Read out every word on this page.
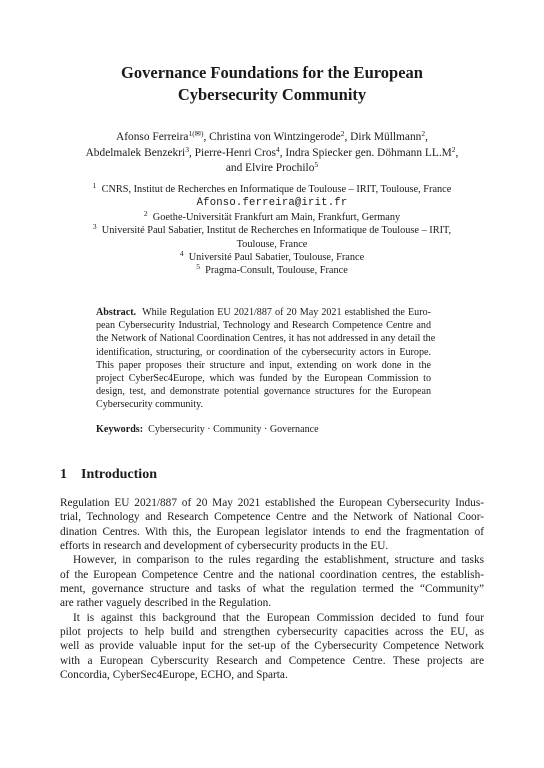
Governance Foundations for the European
Cybersecurity Community
Afonso Ferreira$^{1(✉)}$, Christina von Wintzingerode$^2$, Dirk Müllmann$^2$,
Abdelmalek Benzekri$^3$, Pierre-Henri Cros$^4$, Indra Spiecker gen. Döhmann $LL.M^2$,
and Elvire Prochilo$^5$
$^1$ CNRS, Institut de Recherches en Informatique de Toulouse – IRIT, Toulouse, France
Afonso.ferreira@irit.fr
$^2$ Goethe-Universität Frankfurt am Main, Frankfurt, Germany
$^3$ Université Paul Sabatier, Institut de Recherches en Informatique de Toulouse – IRIT,
Toulouse, France
$^4$ Université Paul Sabatier, Toulouse, France
$^5$ Pragma-Consult, Toulouse, France
Abstract. While Regulation EU 2021/887 of 20 May 2021 established the Euro-
pean Cybersecurity Industrial, Technology and Research Competence Centre and
the Network of National Coordination Centres, it has not addressed in any detail the
identification, structuring, or coordination of the cybersecurity actors in Europe.
This paper proposes their structure and input, extending on work done in the
project CyberSec4Europe, which was funded by the European Commission to
design, test, and demonstrate potential governance structures for the European
Cybersecurity community.
Keywords: Cybersecurity · Community · Governance
1 Introduction
Regulation EU 2021/887 of 20 May 2021 established the European Cybersecurity Indus-
trial, Technology and Research Competence Centre and the Network of National Coor-
dination Centres. With this, the European legislator intends to end the fragmentation of
efforts in research and development of cybersecurity products in the EU.
However, in comparison to the rules regarding the establishment, structure and tasks
of the European Competence Centre and the national coordination centres, the establish-
ment, governance structure and tasks of what the regulation termed the “Community”
are rather vaguely described in the Regulation.
It is against this background that the European Commission decided to fund four
pilot projects to help build and strengthen cybersecurity capacities across the EU, as
well as provide valuable input for the set-up of the Cybersecurity Competence Network
with a European Cyberscurity Research and Competence Centre. These projects are
Concordia, CyberSec4Europe, ECHO, and Sparta.
